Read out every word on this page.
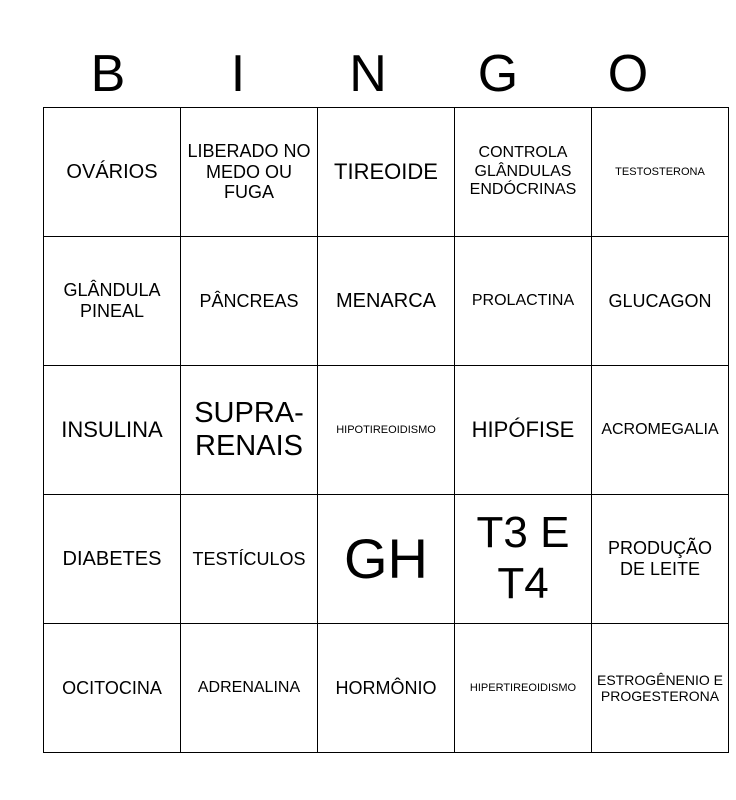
B	I	N	G	O
OVÁRIOS	LIBERADO NO MEDO OU FUGA	TIREOIDE	CONTROLA GLÂNDULAS ENDÓCRINAS	TESTOSTERONA
GLÂNDULA PINEAL	PÂNCREAS	MENARCA	PROLACTINA	GLUCAGON
INSULINA	SUPRA-RENAIS	HIPOTIREOIDISMO	HIPÓFISE	ACROMEGALIA
DIABETES	TESTÍCULOS	GH	T3 E T4	PRODUÇÃO DE LEITE
OCITOCINA	ADRENALINA	HORMÔNIO	HIPERTIREOIDISMO	ESTROGÊNENIO E PROGESTERONA
